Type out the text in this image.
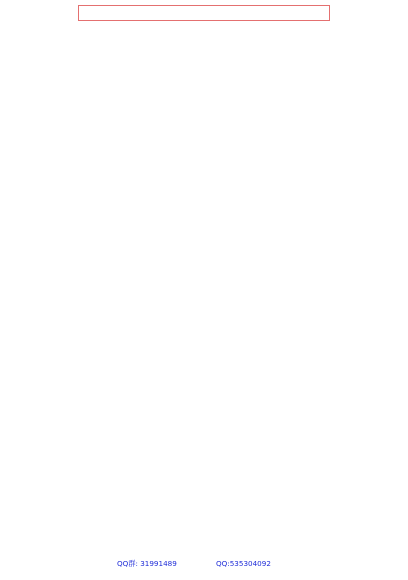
QQ群: 31991489	QQ:535304092
